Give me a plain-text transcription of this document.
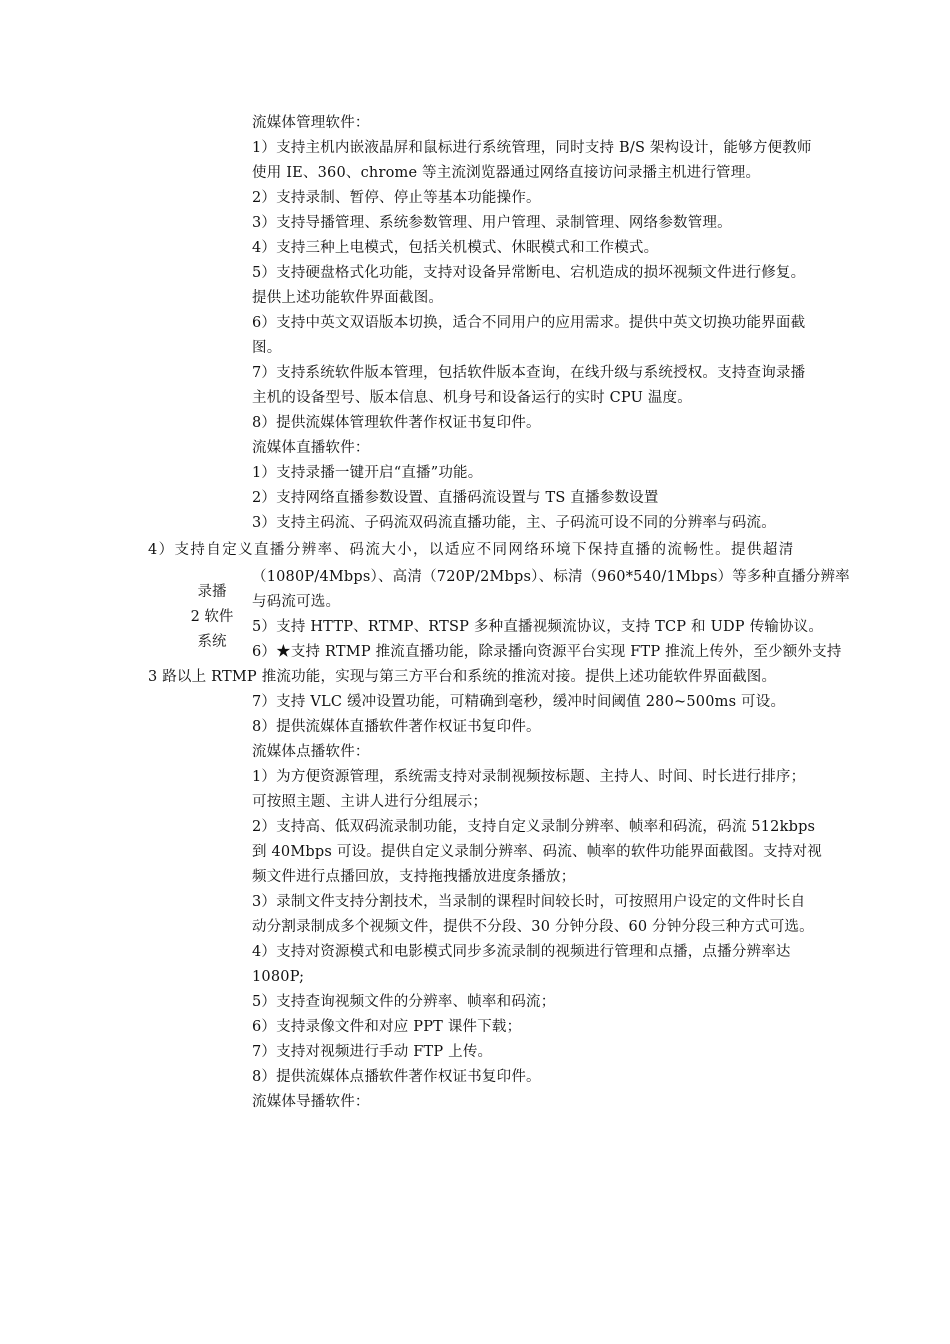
录播
2 软件
系统
流媒体管理软件：
1）支持主机内嵌液晶屏和鼠标进行系统管理，同时支持 B/S 架构设计，能够方便教师
使用 IE、360、chrome 等主流浏览器通过网络直接访问录播主机进行管理。
2）支持录制、暂停、停止等基本功能操作。
3）支持导播管理、系统参数管理、用户管理、录制管理、网络参数管理。
4）支持三种上电模式，包括关机模式、休眠模式和工作模式。
5）支持硬盘格式化功能，支持对设备异常断电、宕机造成的损坏视频文件进行修复。
提供上述功能软件界面截图。
6）支持中英文双语版本切换，适合不同用户的应用需求。提供中英文切换功能界面截
图。
7）支持系统软件版本管理，包括软件版本查询，在线升级与系统授权。支持查询录播
主机的设备型号、版本信息、机身号和设备运行的实时 CPU 温度。
8）提供流媒体管理软件著作权证书复印件。
流媒体直播软件：
1）支持录播一键开启“直播”功能。
2）支持网络直播参数设置、直播码流设置与 TS 直播参数设置
3）支持主码流、子码流双码流直播功能，主、子码流可设不同的分辨率与码流。
4）支持自定义直播分辨率、码流大小，以适应不同网络环境下保持直播的流畅性。提供超清
（1080P/4Mbps）、高清（720P/2Mbps）、标清（960*540/1Mbps）等多种直播分辨率
与码流可选。
5）支持 HTTP、RTMP、RTSP 多种直播视频流协议，支持 TCP 和 UDP 传输协议。
6）★支持 RTMP 推流直播功能，除录播向资源平台实现 FTP 推流上传外，至少额外支持
3 路以上 RTMP 推流功能，实现与第三方平台和系统的推流对接。提供上述功能软件界面截图。
7）支持 VLC 缓冲设置功能，可精确到毫秒，缓冲时间阈值 280~500ms 可设。
8）提供流媒体直播软件著作权证书复印件。
流媒体点播软件：
1）为方便资源管理，系统需支持对录制视频按标题、主持人、时间、时长进行排序；
可按照主题、主讲人进行分组展示；
2）支持高、低双码流录制功能，支持自定义录制分辨率、帧率和码流，码流 512kbps
到 40Mbps 可设。提供自定义录制分辨率、码流、帧率的软件功能界面截图。支持对视
频文件进行点播回放，支持拖拽播放进度条播放；
3）录制文件支持分割技术，当录制的课程时间较长时，可按照用户设定的文件时长自
动分割录制成多个视频文件，提供不分段、30 分钟分段、60 分钟分段三种方式可选。
4）支持对资源模式和电影模式同步多流录制的视频进行管理和点播，点播分辨率达
1080P;
5）支持查询视频文件的分辨率、帧率和码流；
6）支持录像文件和对应 PPT 课件下载；
7）支持对视频进行手动 FTP 上传。
8）提供流媒体点播软件著作权证书复印件。
流媒体导播软件：
